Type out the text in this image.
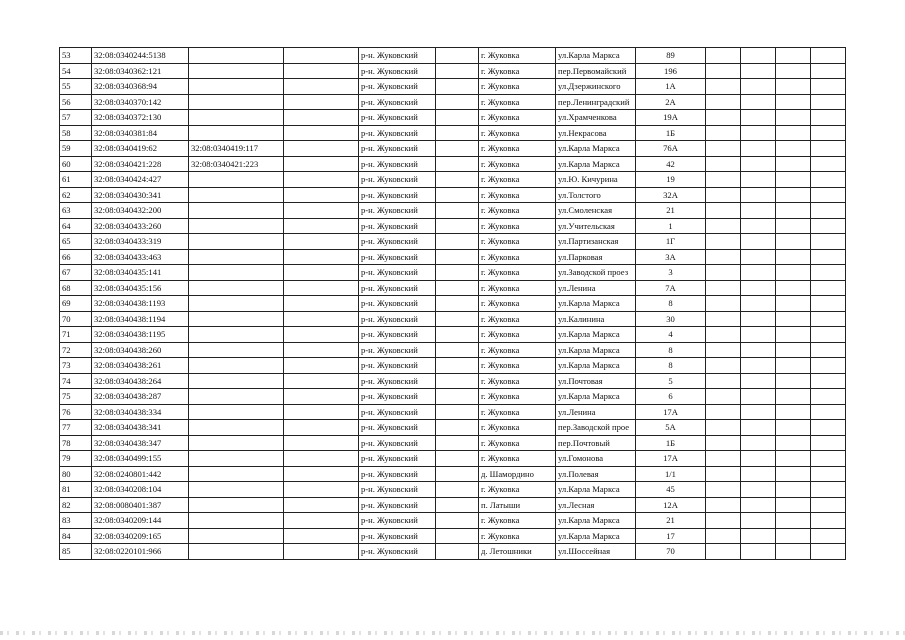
53	32:08:0340244:5138			р-н. Жуковский		г. Жуковка	ул.Карла Маркса	89				
54	32:08:0340362:121			р-н. Жуковский		г. Жуковка	пер.Первомайский	196				
55	32:08:0340368:94			р-н. Жуковский		г. Жуковка	ул.Дзержинского	1А				
56	32:08:0340370:142			р-н. Жуковский		г. Жуковка	пер.Ленинградский	2А				
57	32:08:0340372:130			р-н. Жуковский		г. Жуковка	ул.Храмченкова	19А				
58	32:08:0340381:84			р-н. Жуковский		г. Жуковка	ул.Некрасова	1Б				
59	32:08:0340419:62	32:08:0340419:117		р-н. Жуковский		г. Жуковка	ул.Карла Маркса	76А				
60	32:08:0340421:228	32:08:0340421:223		р-н. Жуковский		г. Жуковка	ул.Карла Маркса	42				
61	32:08:0340424:427			р-н. Жуковский		г. Жуковка	ул.Ю. Кичурина	19				
62	32:08:0340430:341			р-н. Жуковский		г. Жуковка	ул.Толстого	32А				
63	32:08:0340432:200			р-н. Жуковский		г. Жуковка	ул.Смоленская	21				
64	32:08:0340433:260			р-н. Жуковский		г. Жуковка	ул.Учительская	1				
65	32:08:0340433:319			р-н. Жуковский		г. Жуковка	ул.Партизанская	1Г				
66	32:08:0340433:463			р-н. Жуковский		г. Жуковка	ул.Парковая	3А				
67	32:08:0340435:141			р-н. Жуковский		г. Жуковка	ул.Заводской проез	3				
68	32:08:0340435:156			р-н. Жуковский		г. Жуковка	ул.Ленина	7А				
69	32:08:0340438:1193			р-н. Жуковский		г. Жуковка	ул.Карла Маркса	8				
70	32:08:0340438:1194			р-н. Жуковский		г. Жуковка	ул.Калинина	30				
71	32:08:0340438:1195			р-н. Жуковский		г. Жуковка	ул.Карла Маркса	4				
72	32:08:0340438:260			р-н. Жуковский		г. Жуковка	ул.Карла Маркса	8				
73	32:08:0340438:261			р-н. Жуковский		г. Жуковка	ул.Карла Маркса	8				
74	32:08:0340438:264			р-н. Жуковский		г. Жуковка	ул.Почтовая	5				
75	32:08:0340438:287			р-н. Жуковский		г. Жуковка	ул.Карла Маркса	6				
76	32:08:0340438:334			р-н. Жуковский		г. Жуковка	ул.Ленина	17А				
77	32:08:0340438:341			р-н. Жуковский		г. Жуковка	пер.Заводской прое	5А				
78	32:08:0340438:347			р-н. Жуковский		г. Жуковка	пер.Почтовый	1Б				
79	32:08:0340499:155			р-н. Жуковский		г. Жуковка	ул.Гомонова	17А				
80	32:08:0240801:442			р-н. Жуковский		д. Шамордино	ул.Полевая	1/1				
81	32:08:0340208:104			р-н. Жуковский		г. Жуковка	ул.Карла Маркса	45				
82	32:08:0080401:387			р-н. Жуковский		п. Латыши	ул.Лесная	12А				
83	32:08:0340209:144			р-н. Жуковский		г. Жуковка	ул.Карла Маркса	21				
84	32:08:0340209:165			р-н. Жуковский		г. Жуковка	ул.Карла Маркса	17				
85	32:08:0220101:966			р-н. Жуковский		д. Летошники	ул.Шоссейная	70				
